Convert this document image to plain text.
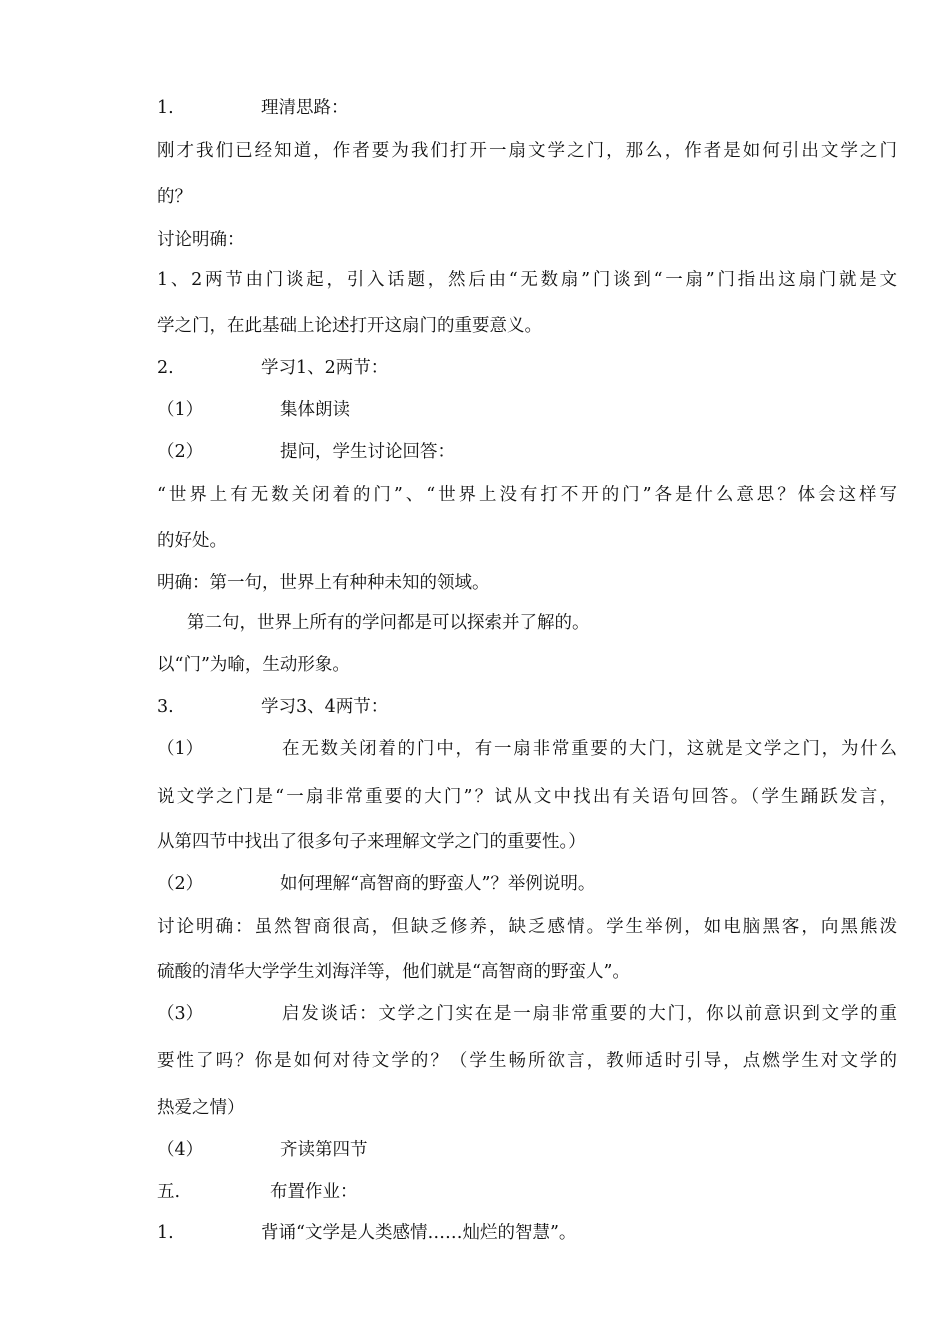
1.	理清思路：
刚才我们已经知道，作者要为我们打开一扇文学之门，那么，作者是如何引出文学之门
的？
讨论明确：
1、2两节由门谈起，引入话题，然后由“无数扇”门谈到“一扇”门指出这扇门就是文
学之门，在此基础上论述打开这扇门的重要意义。
2.	学习1、2两节：
（1）	集体朗读
（2）	提问，学生讨论回答：
“世界上有无数关闭着的门”、“世界上没有打不开的门”各是什么意思？体会这样写
的好处。
明确：第一句，世界上有种种未知的领域。
第二句，世界上所有的学问都是可以探索并了解的。
以“门”为喻，生动形象。
3.	学习3、4两节：
（1）	在无数关闭着的门中，有一扇非常重要的大门，这就是文学之门，为什么
说文学之门是“一扇非常重要的大门”？试从文中找出有关语句回答。（学生踊跃发言，
从第四节中找出了很多句子来理解文学之门的重要性。）
（2）	如何理解“高智商的野蛮人”？举例说明。
讨论明确：虽然智商很高，但缺乏修养，缺乏感情。学生举例，如电脑黑客，向黑熊泼
硫酸的清华大学学生刘海洋等，他们就是“高智商的野蛮人”。
（3）	启发谈话：文学之门实在是一扇非常重要的大门，你以前意识到文学的重
要性了吗？你是如何对待文学的？（学生畅所欲言，教师适时引导，点燃学生对文学的
热爱之情）
（4）	齐读第四节
五.	布置作业：
1.	背诵“文学是人类感情……灿烂的智慧”。
